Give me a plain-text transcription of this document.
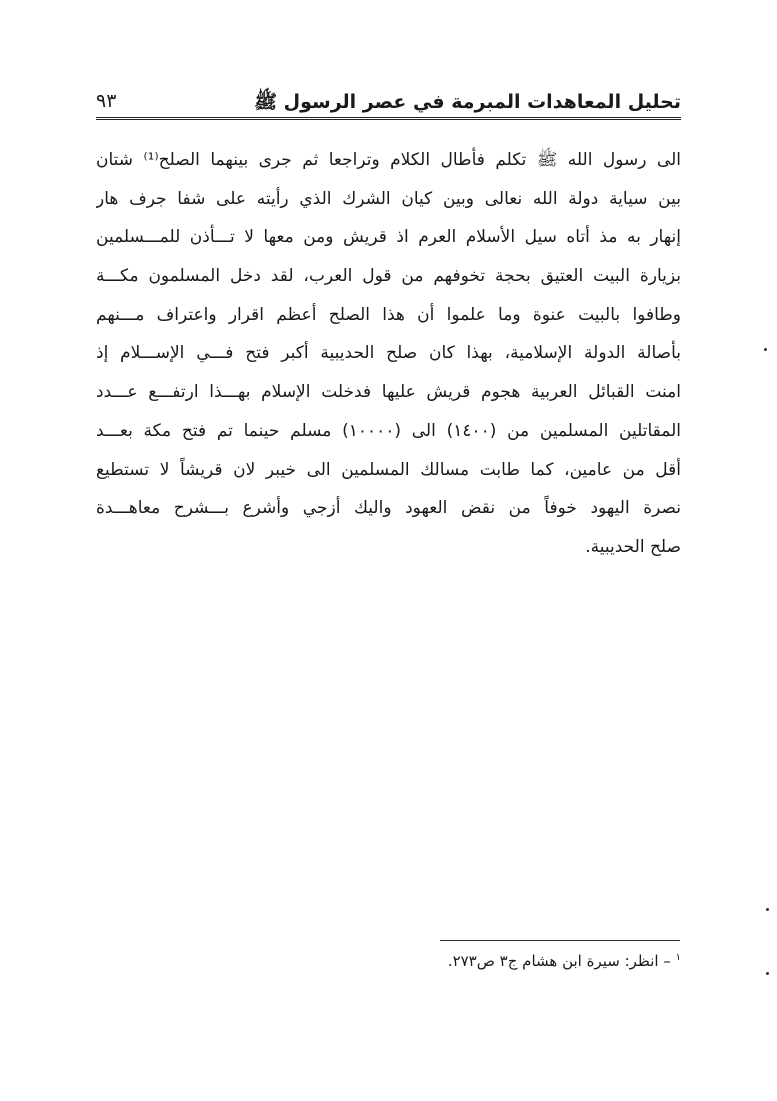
تحليل المعاهدات المبرمة في عصر الرسول ﷺ
٩٣
الى رسول الله ﷺ تكلم فأطال الكلام وتراجعا ثم جرى بينهما الصلح⁽¹⁾ شتان
بين سياية دولة الله نعالى وبين كيان الشرك الذي رأيته على شفا جرف هار
إنهار به مذ أتاه سيل الأسلام العرم اذ قريش ومن معها لا تـــأذن للمـــسلمين
بزيارة البيت العتيق بحجة تخوفهم من قول العرب، لقد دخل المسلمون مكـــة
وطافوا بالبيت عنوة وما علموا أن هذا الصلح أعظم اقرار واعتراف مـــنهم
بأصالة الدولة الإسلامية، بهذا كان صلح الحديبية أكبر فتح فـــي الإســـلام إذ
امنت القبائل العربية هجوم قريش عليها فدخلت الإسلام بهـــذا ارتفـــع عـــدد
المقاتلين المسلمين من (١٤٠٠) الى (١٠٠٠٠) مسلم حينما تم فتح مكة بعـــد
أقل من عامين، كما طابت مسالك المسلمين الى خيبر لان قريشاً لا تستطيع
نصرة اليهود خوفاً من نقض العهود واليك أزجي وأشرع بـــشرح معاهـــدة
صلح الحديبية.
$^١$ – انظر: سيرة ابن هشام ج٣ ص٢٧٣.
